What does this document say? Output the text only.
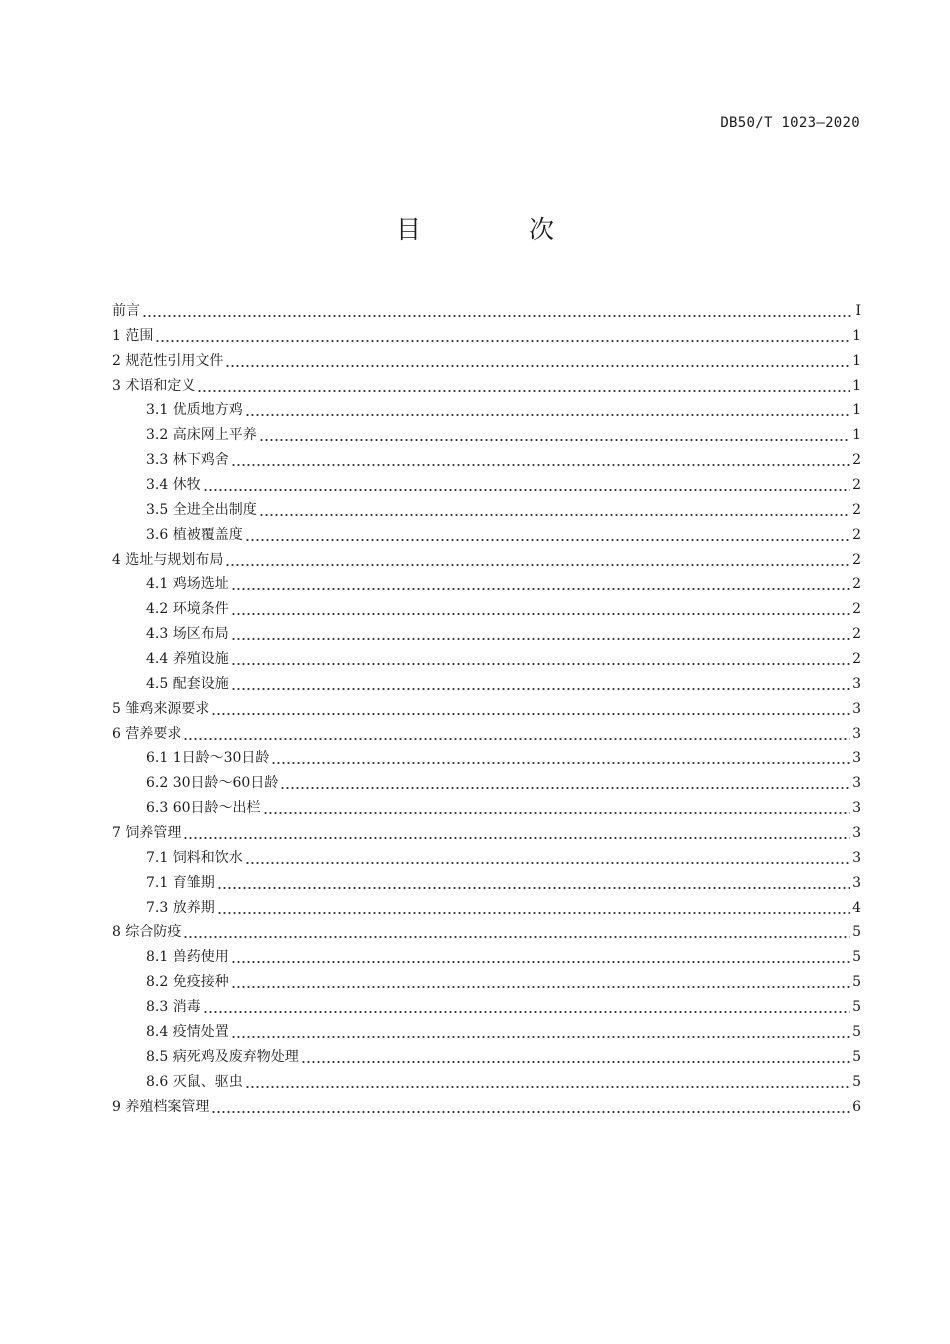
DB50/T 1023—2020
目 次
前言	I
1 范围	1
2 规范性引用文件	1
3 术语和定义	1
3.1 优质地方鸡	1
3.2 高床网上平养	1
3.3 林下鸡舍	2
3.4 休牧	2
3.5 全进全出制度	2
3.6 植被覆盖度	2
4 选址与规划布局	2
4.1 鸡场选址	2
4.2 环境条件	2
4.3 场区布局	2
4.4 养殖设施	2
4.5 配套设施	3
5 雏鸡来源要求	3
6 营养要求	3
6.1 1日龄～30日龄	3
6.2 30日龄～60日龄	3
6.3 60日龄～出栏	3
7 饲养管理	3
7.1 饲料和饮水	3
7.1 育雏期	3
7.3 放养期	4
8 综合防疫	5
8.1 兽药使用	5
8.2 免疫接种	5
8.3 消毒	5
8.4 疫情处置	5
8.5 病死鸡及废弃物处理	5
8.6 灭鼠、驱虫	5
9 养殖档案管理	6
